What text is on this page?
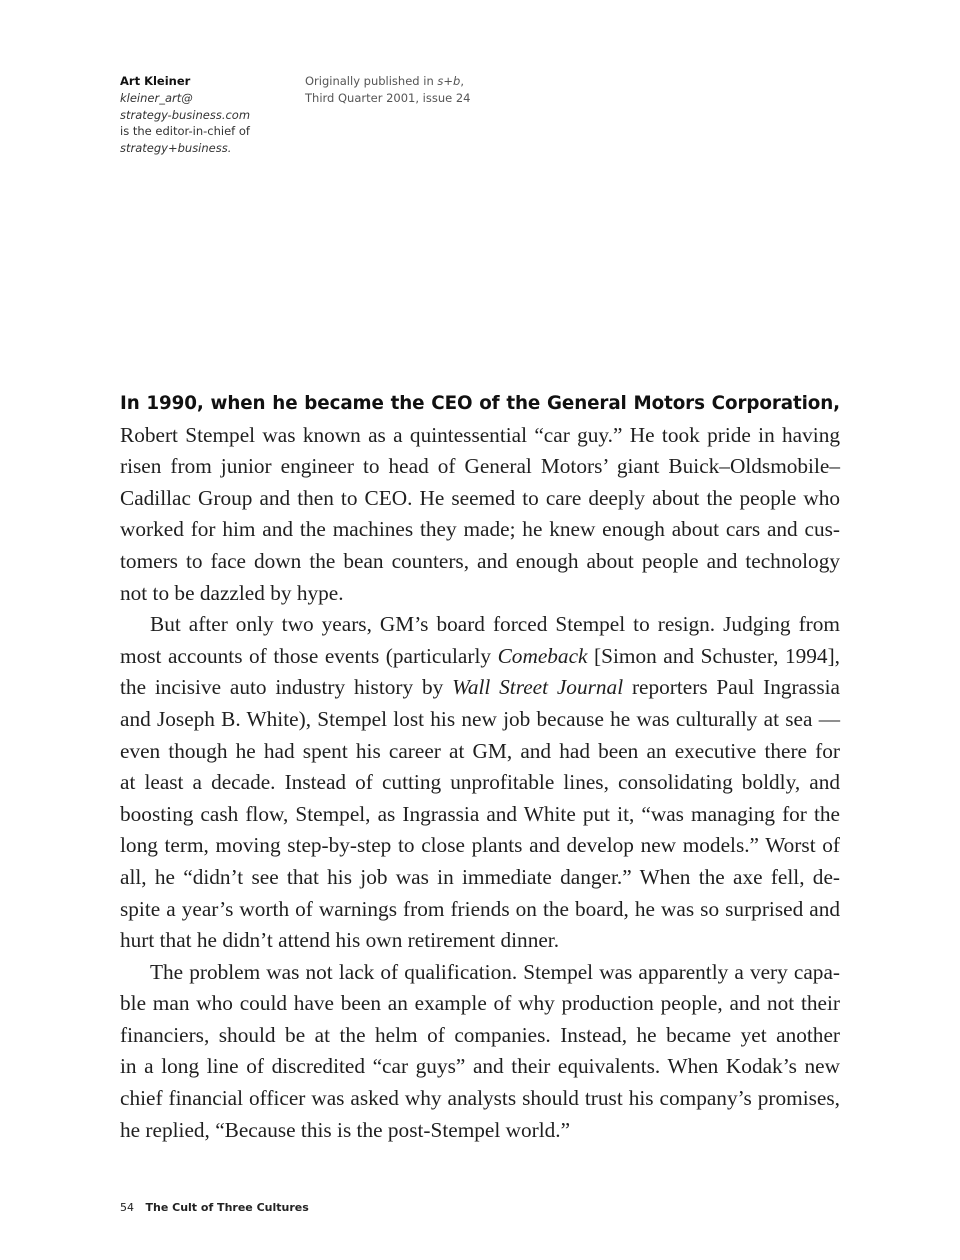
Art Kleiner
kleiner_art@
strategy-business.com
is the editor-in-chief of
strategy+business.
Originally published in s+b,
Third Quarter 2001, issue 24

In 1990, when he became the CEO of the General Motors Corporation,
Robert Stempel was known as a quintessential “car guy.” He took pride in having
risen from junior engineer to head of General Motors’ giant Buick–Oldsmobile–
Cadillac Group and then to CEO. He seemed to care deeply about the people who
worked for him and the machines they made; he knew enough about cars and cus-
tomers to face down the bean counters, and enough about people and technology
not to be dazzled by hype.

But after only two years, GM’s board forced Stempel to resign. Judging from
most accounts of those events (particularly Comeback [Simon and Schuster, 1994],
the incisive auto industry history by Wall Street Journal reporters Paul Ingrassia
and Joseph B. White), Stempel lost his new job because he was culturally at sea —
even though he had spent his career at GM, and had been an executive there for
at least a decade. Instead of cutting unprofitable lines, consolidating boldly, and
boosting cash flow, Stempel, as Ingrassia and White put it, “was managing for the
long term, moving step-by-step to close plants and develop new models.” Worst of
all, he “didn’t see that his job was in immediate danger.” When the axe fell, de-
spite a year’s worth of warnings from friends on the board, he was so surprised and
hurt that he didn’t attend his own retirement dinner.

The problem was not lack of qualification. Stempel was apparently a very capa-
ble man who could have been an example of why production people, and not their
financiers, should be at the helm of companies. Instead, he became yet another
in a long line of discredited “car guys” and their equivalents. When Kodak’s new
chief financial officer was asked why analysts should trust his company’s promises,
he replied, “Because this is the post-Stempel world.”

54 The Cult of Three Cultures
